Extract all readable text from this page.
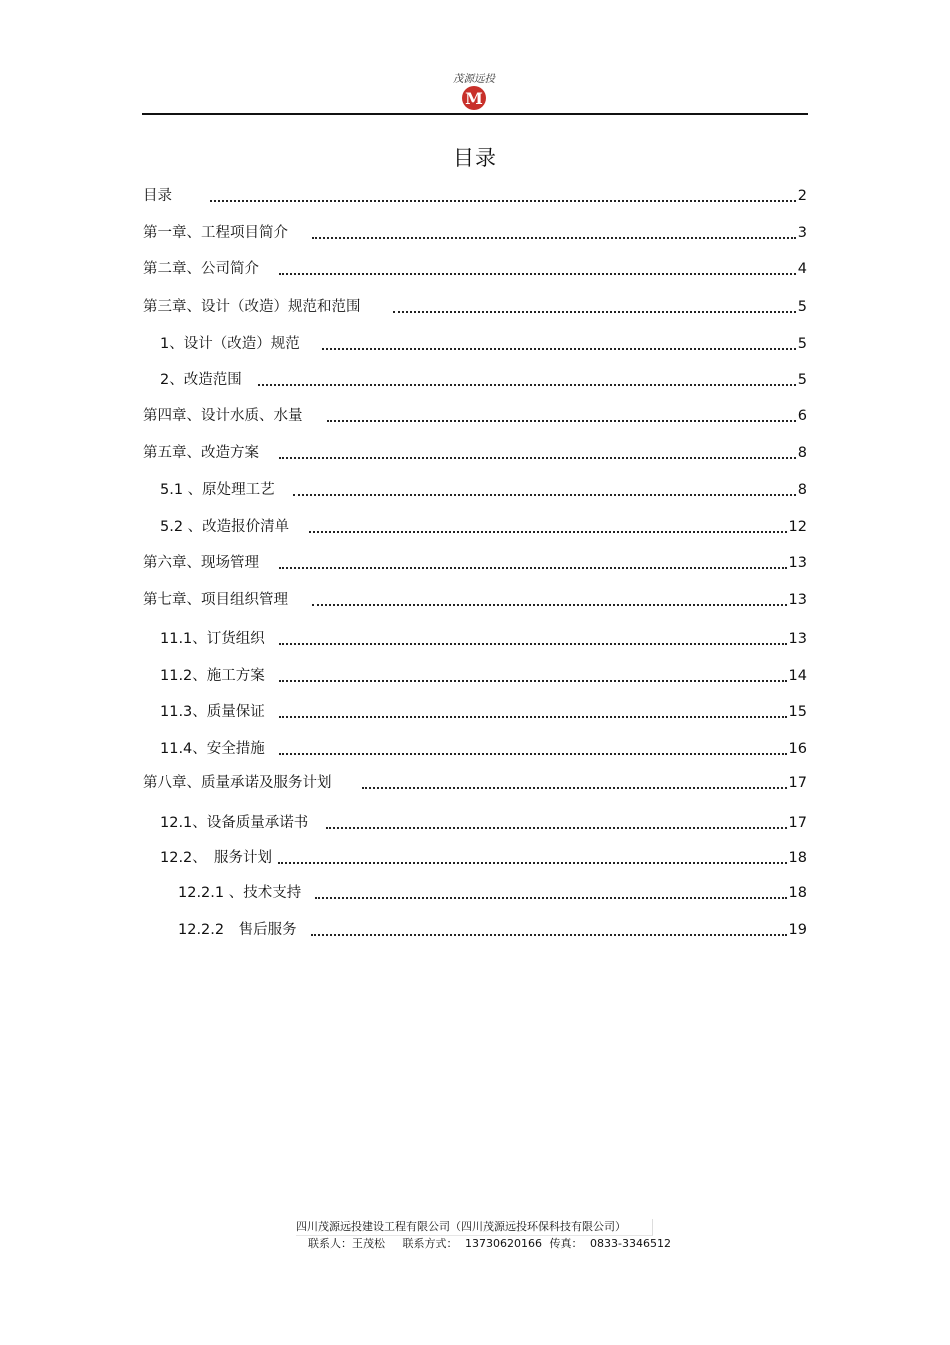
茂源远投
M
目录
目录	2
第一章、工程项目简介	3
第二章、公司简介	4
第三章、设计（改造）规范和范围	5
1、设计（改造）规范	5
2、改造范围	5
第四章、设计水质、水量	6
第五章、改造方案	8
5.1 、原处理工艺	8
5.2 、改造报价清单	12
第六章、现场管理	13
第七章、项目组织管理	13
11.1、订货组织	13
11.2、施工方案	14
11.3、质量保证	15
11.4、安全措施	16
第八章、质量承诺及服务计划	17
12.1、设备质量承诺书	17
12.2、　服务计划	18
12.2.1 、技术支持	18
12.2.2　售后服务	19
四川茂源远投建设工程有限公司（四川茂源远投环保科技有限公司）
联系人：王茂松 联系方式： 13730620166 传真： 0833-3346512
